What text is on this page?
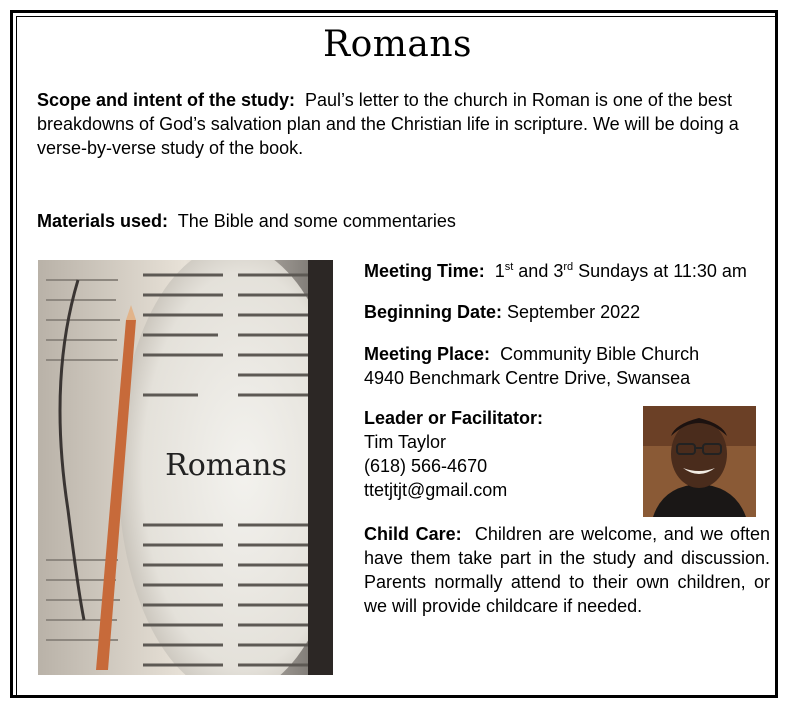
Romans
Scope and intent of the study: Paul’s letter to the church in Roman is one of the best breakdowns of God’s salvation plan and the Christian life in scripture. We will be doing a verse-by-verse study of the book.
Materials used: The Bible and some commentaries
Romans
Meeting Time: 1st and 3rd Sundays at 11:30 am
Beginning Date: September 2022
Meeting Place: Community Bible Church
4940 Benchmark Centre Drive, Swansea
Leader or Facilitator:
Tim Taylor
(618) 566-4670
ttetjtjt@gmail.com
Child Care: Children are welcome, and we often have them take part in the study and discussion. Parents normally attend to their own children, or we will provide childcare if needed.
